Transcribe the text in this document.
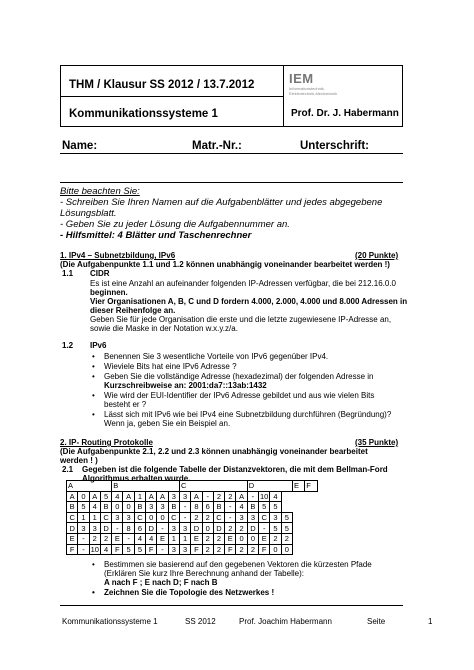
THM / Klausur SS 2012 / 13.7.2012
Kommunikationssysteme 1
IEM
Informationstechnik-
Elektrotechnik-Mechatronik
Prof. Dr. J. Habermann
Name:	Matr.-Nr.:	Unterschrift:
Bitte beachten Sie:
- Schreiben Sie Ihren Namen auf die Aufgabenblätter und jedes abgegebene
Lösungsblatt.
- Geben Sie zu jeder Lösung die Aufgabennummer an.
- Hilfsmittel: 4 Blätter und Taschenrechner
1. IPv4 – Subnetzbildung, IPv6	(20 Punkte)
(Die Aufgabenpunkte 1.1 und 1.2 können unabhängig voneinander bearbeitet werden !)
1.1 CIDR
Es ist eine Anzahl an aufeinander folgenden IP-Adressen verfügbar, die bei 212.16.0.0
beginnen.
Vier Organisationen A, B, C und D fordern 4.000, 2.000, 4.000 und 8.000 Adressen in
dieser Reihenfolge an.
Geben Sie für jede Organisation die erste und die letzte zugewiesene IP-Adresse an,
sowie die Maske in der Notation w.x.y.z/a.
1.2 IPv6
• Benennen Sie 3 wesentliche Vorteile von IPv6 gegenüber IPv4.
• Wieviele Bits hat eine IPv6 Adresse ?
• Geben Sie die vollständige Adresse (hexadezimal) der folgenden Adresse in
Kurzschreibweise an: 2001:da7::13ab:1432
• Wie wird der EUI-Identifier der IPv6 Adresse gebildet und aus wie vielen Bits
besteht er ?
• Lässt sich mit IPv6 wie bei IPv4 eine Subnetzbildung durchführen (Begründung)?
Wenn ja, geben Sie ein Beispiel an.
2. IP- Routing Protokolle	(35 Punkte)
(Die Aufgabenpunkte 2.1, 2.2 und 2.3 können unabhängig voneinander bearbeitet
werden ! )
2.1 Gegeben ist die folgende Tabelle der Distanzvektoren, die mit dem Bellman-Ford
Algorithmus erhalten wurde.
A				B						C						D				E	F
A	0	A	5	4	A	1	A	A	3	3	A	-	2	2	A	-	10	4			
B	5	4	B	0	0	B	3	3	B	-	8	6	B	-	4	B	5	5			
C	1	1	C	3	3	C	0	0	C	-	2	2	C	-	3	3	C	3	5		
D	3	3	D	-	8	6	D	-	3	3	D	0	D	2	2	D	-	5	5		
E	-	2	2	E	-	4	4	E	1	1	E	2	2	E	0	0	E	2	2		
F	-	10	4	F	5	5	F	-	3	3	F	2	2	F	2	2	F	0	0		
• Bestimmen sie basierend auf den gegebenen Vektoren die kürzesten Pfade
(Erklären Sie kurz Ihre Berechnung anhand der Tabelle):
A nach F ; E nach D; F nach B
• Zeichnen Sie die Topologie des Netzwerkes !
Kommunikationssysteme 1	SS 2012	Prof. Joachim Habermann	Seite	1
